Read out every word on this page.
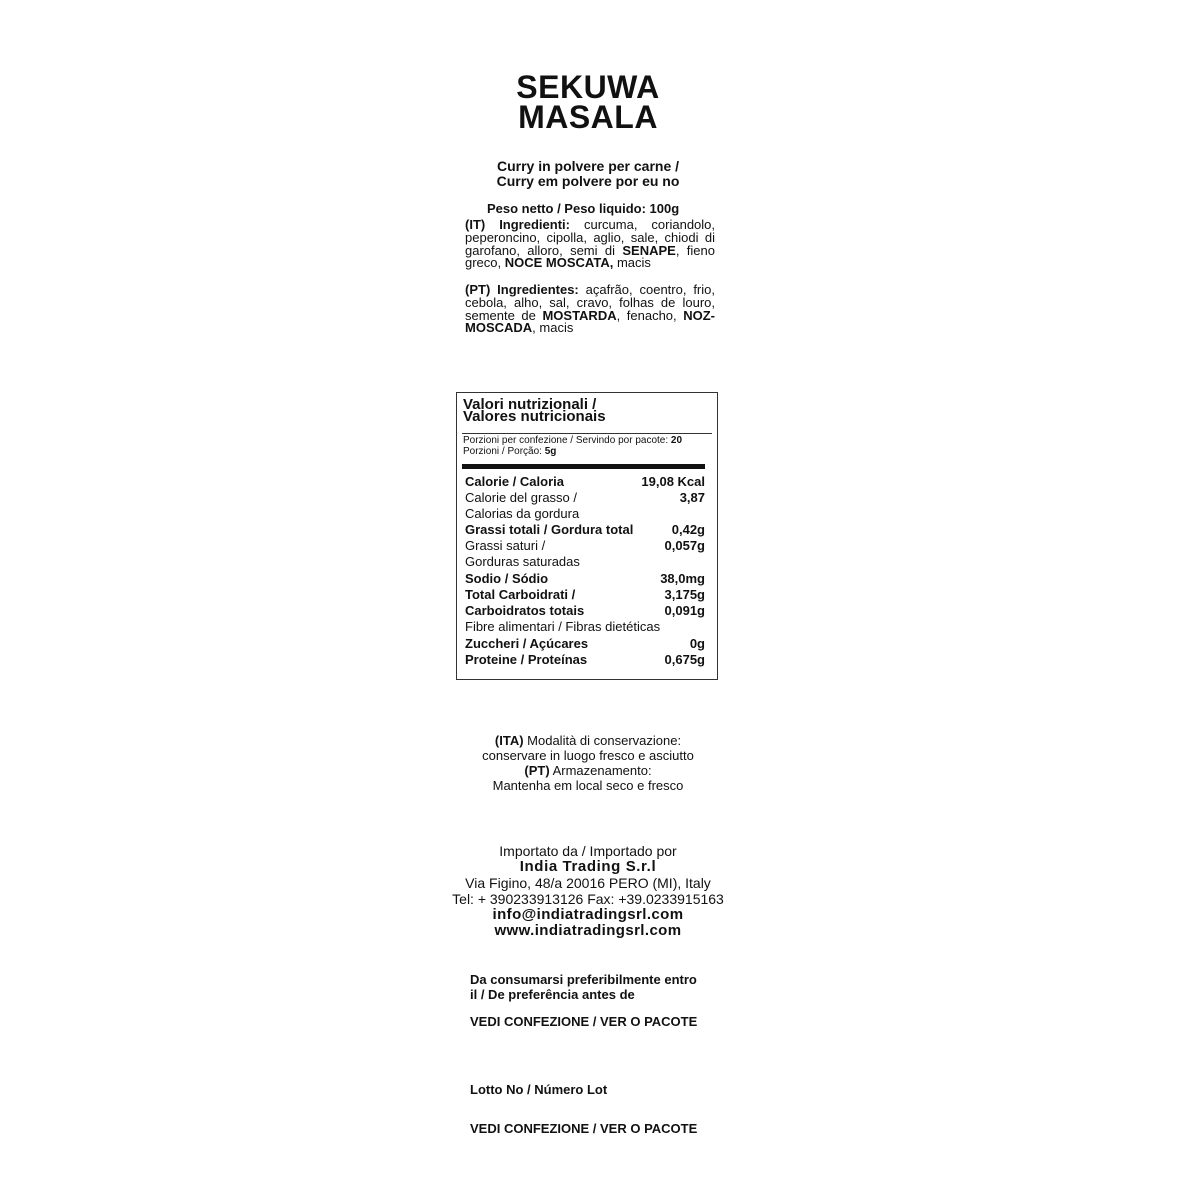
SEKUWA
MASALA
Curry in polvere per carne /
Curry em polvere por eu no
Peso netto / Peso liquido: 100g
(IT) Ingredienti: curcuma, coriandolo, peperoncino, cipolla, aglio, sale, chiodi di garofano, alloro, semi di SENAPE, fieno greco, NOCE MOSCATA, macis
(PT) Ingredientes: açafrão, coentro, frio, cebola, alho, sal, cravo, folhas de louro, semente de MOSTARDA, fenacho, NOZ-MOSCADA, macis
Valori nutrizionali /
Valores nutricionais
Porzioni per confezione / Servindo por pacote: 20
Porzioni / Porção: 5g
Calorie / Caloria	19,08 Kcal
Calorie del grasso /	3,87
Calorias da gordura
Grassi totali / Gordura total	0,42g
Grassi saturi /	0,057g
Gorduras saturadas
Sodio / Sódio	38,0mg
Total Carboidrati /	3,175g
Carboidratos totais	0,091g
Fibre alimentari / Fibras dietéticas
Zuccheri / Açúcares	0g
Proteine / Proteínas	0,675g
(ITA) Modalità di conservazione:
conservare in luogo fresco e asciutto
(PT) Armazenamento:
Mantenha em local seco e fresco
Importato da / Importado por
India Trading S.r.l
Via Figino, 48/a 20016 PERO (MI), Italy
Tel: + 390233913126 Fax: +39.0233915163
info@indiatradingsrl.com
www.indiatradingsrl.com
Da consumarsi preferibilmente entro
il / De preferência antes de
VEDI CONFEZIONE / VER O PACOTE
Lotto No / Número Lot
VEDI CONFEZIONE / VER O PACOTE
